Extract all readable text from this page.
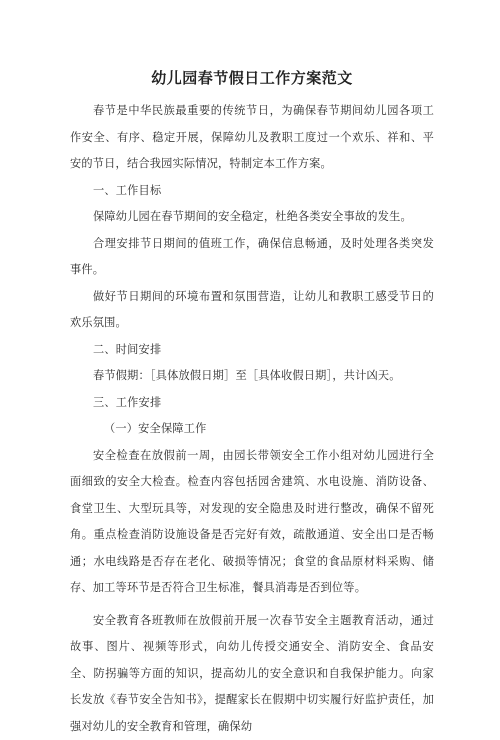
幼儿园春节假日工作方案范文

春节是中华民族最重要的传统节日，为确保春节期间幼儿园各项工作安全、有序、稳定开展，保障幼儿及教职工度过一个欢乐、祥和、平安的节日，结合我园实际情况，特制定本工作方案。

一、工作目标

保障幼儿园在春节期间的安全稳定，杜绝各类安全事故的发生。

合理安排节日期间的值班工作，确保信息畅通，及时处理各类突发事件。

做好节日期间的环境布置和氛围营造，让幼儿和教职工感受节日的欢乐氛围。

二、时间安排

春节假期：［具体放假日期］至［具体收假日期］，共计凶天。

三、工作安排

（一）安全保障工作

安全检查在放假前一周，由园长带领安全工作小组对幼儿园进行全面细致的安全大检查。检查内容包括园舍建筑、水电设施、消防设备、食堂卫生、大型玩具等，对发现的安全隐患及时进行整改，确保不留死角。重点检查消防设施设备是否完好有效，疏散通道、安全出口是否畅通；水电线路是否存在老化、破损等情况；食堂的食品原材料采购、储存、加工等环节是否符合卫生标准，餐具消毒是否到位等。

安全教育各班教师在放假前开展一次春节安全主题教育活动，通过故事、图片、视频等形式，向幼儿传授交通安全、消防安全、食品安全、防拐骗等方面的知识，提高幼儿的安全意识和自我保护能力。向家长发放《春节安全告知书》，提醒家长在假期中切实履行好监护责任，加强对幼儿的安全教育和管理，确保幼
